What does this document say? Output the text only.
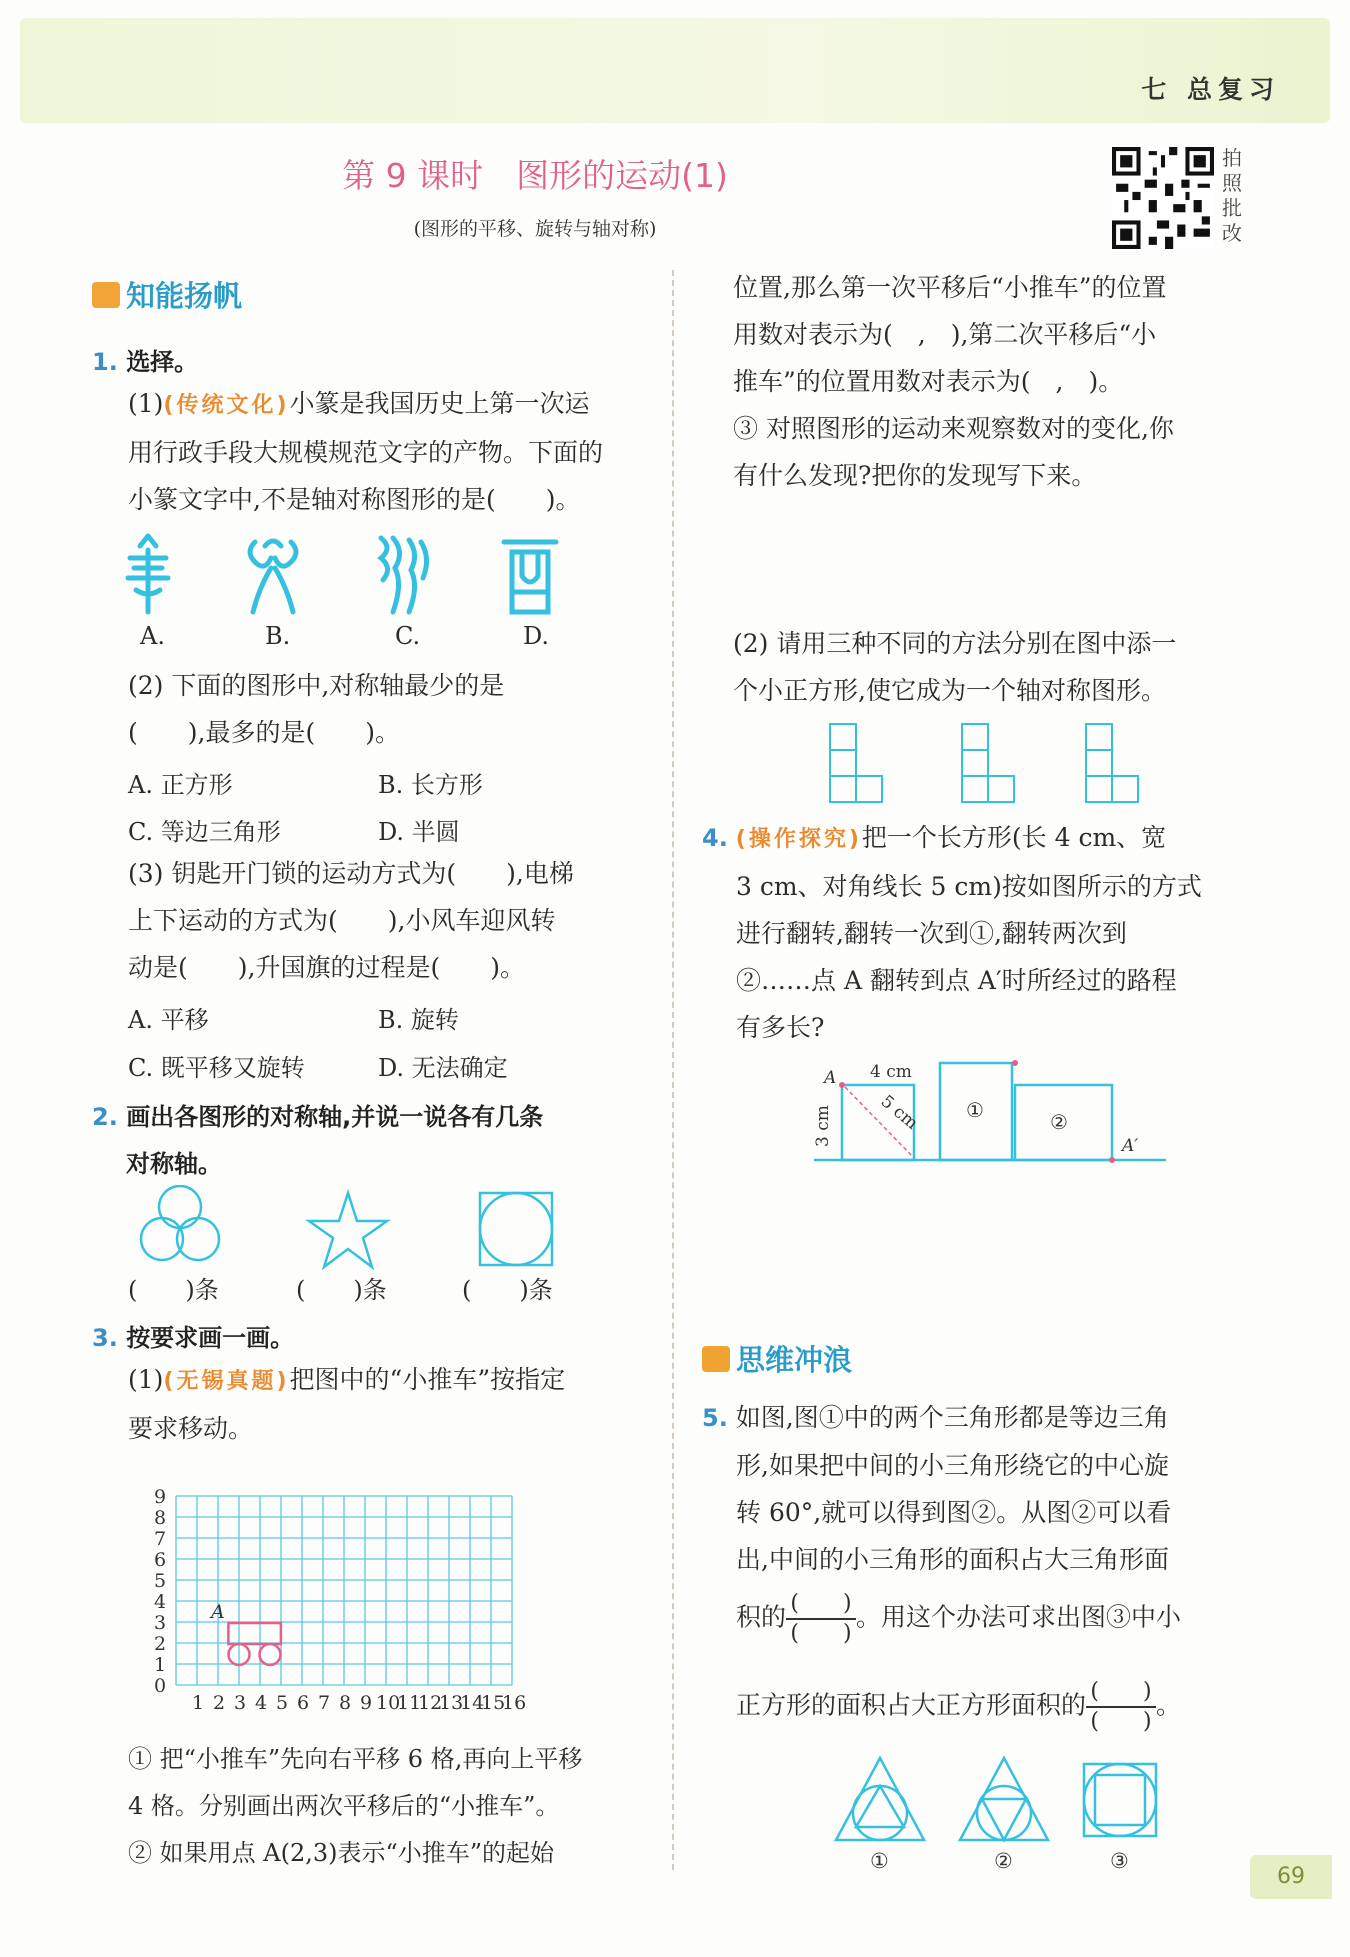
七 总复习
第 9 课时　图形的运动(1)
(图形的平移、旋转与轴对称)
拍照批改
知能扬帆
1. 选择。
(1)(传统文化)小篆是我国历史上第一次运
用行政手段大规模规范文字的产物。下面的
小篆文字中,不是轴对称图形的是(　　)。
A.	B.	C.	D.
(2) 下面的图形中,对称轴最少的是
(　　),最多的是(　　)。
A. 正方形	B. 长方形
C. 等边三角形	D. 半圆
(3) 钥匙开门锁的运动方式为(　　),电梯
上下运动的方式为(　　),小风车迎风转
动是(　　),升国旗的过程是(　　)。
A. 平移	B. 旋转
C. 既平移又旋转	D. 无法确定
2. 画出各图形的对称轴,并说一说各有几条
对称轴。
(　　)条	(　　)条	(　　)条
3. 按要求画一画。
(1)(无锡真题)把图中的“小推车”按指定
要求移动。
9
8
7
6
5
4
3
2
1
0
1 2 3 4 5 6 7 8 9 10
11
12
13
14
15
16
A
① 把“小推车”先向右平移 6 格,再向上平移
4 格。分别画出两次平移后的“小推车”。
② 如果用点 A(2,3)表示“小推车”的起始
位置,那么第一次平移后“小推车”的位置
用数对表示为(　,　),第二次平移后“小
推车”的位置用数对表示为(　,　)。
③ 对照图形的运动来观察数对的变化,你
有什么发现?把你的发现写下来。
(2) 请用三种不同的方法分别在图中添一
个小正方形,使它成为一个轴对称图形。
4. (操作探究)把一个长方形(长 4 cm、宽
3 cm、对角线长 5 cm)按如图所示的方式
进行翻转,翻转一次到①,翻转两次到
②……点 A 翻转到点 A′时所经过的路程
有多长?
A 4 cm
3 cm	5 cm ①	②
A′
思维冲浪
5. 如图,图①中的两个三角形都是等边三角
形,如果把中间的小三角形绕它的中心旋
转 60°,就可以得到图②。从图②可以看
出,中间的小三角形的面积占大三角形面
积的 $\frac{( )}{( )}$ 。用这个办法可求出图③中小
正方形的面积占大正方形面积的 $\frac{( )}{( )}$ 。
①	②	③
69
